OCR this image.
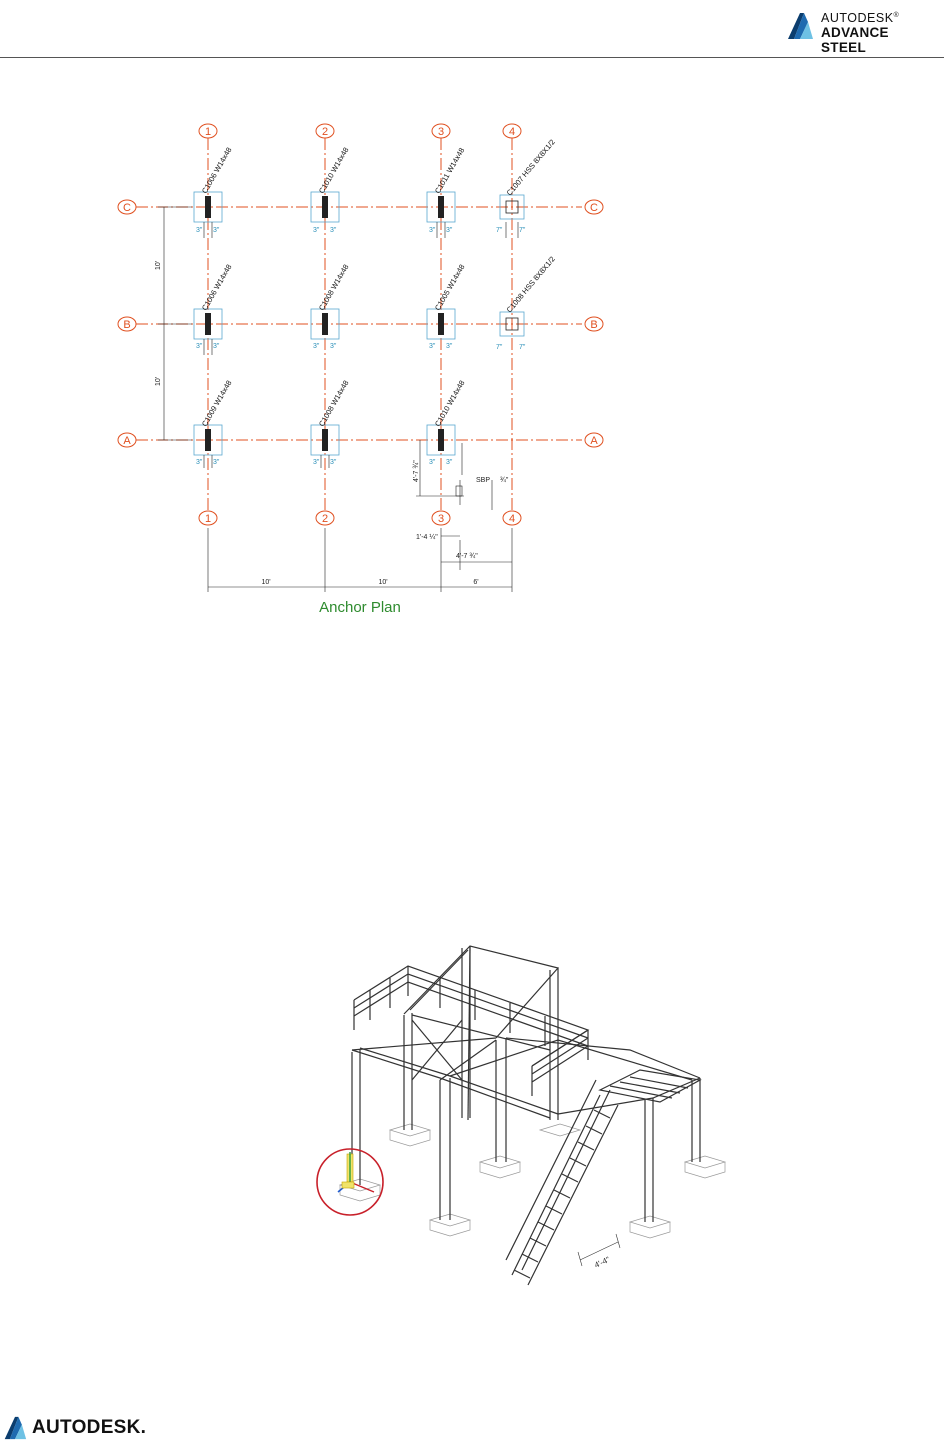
AUTODESK®
ADVANCE STEEL
1	2	3	4
1	2	3	4
C
B
A
C
B
A
3" 3"	3" 3"	3" 3"
3" 3"	3" 3"	3" 3"
3" 3"	3" 3"	3" 3"
7" 7"
7" 7"
C1006 W14x48
C1010 W14x48
C1011 W14x48
C1007 HSS 8X8X1/2
C1006 W14x48
C1008 W14x48
C1005 W14x48
C1008 HSS 8X8X1/2
C1009 W14x48
C1008 W14x48
C1010 W14x48
10'
10'
10'	10'	6'
4'-7 ¾"
1'-4 ¼"
4'-7 ¾"
¾"
SBP
Anchor Plan
4'-4"
AUTODESK.
